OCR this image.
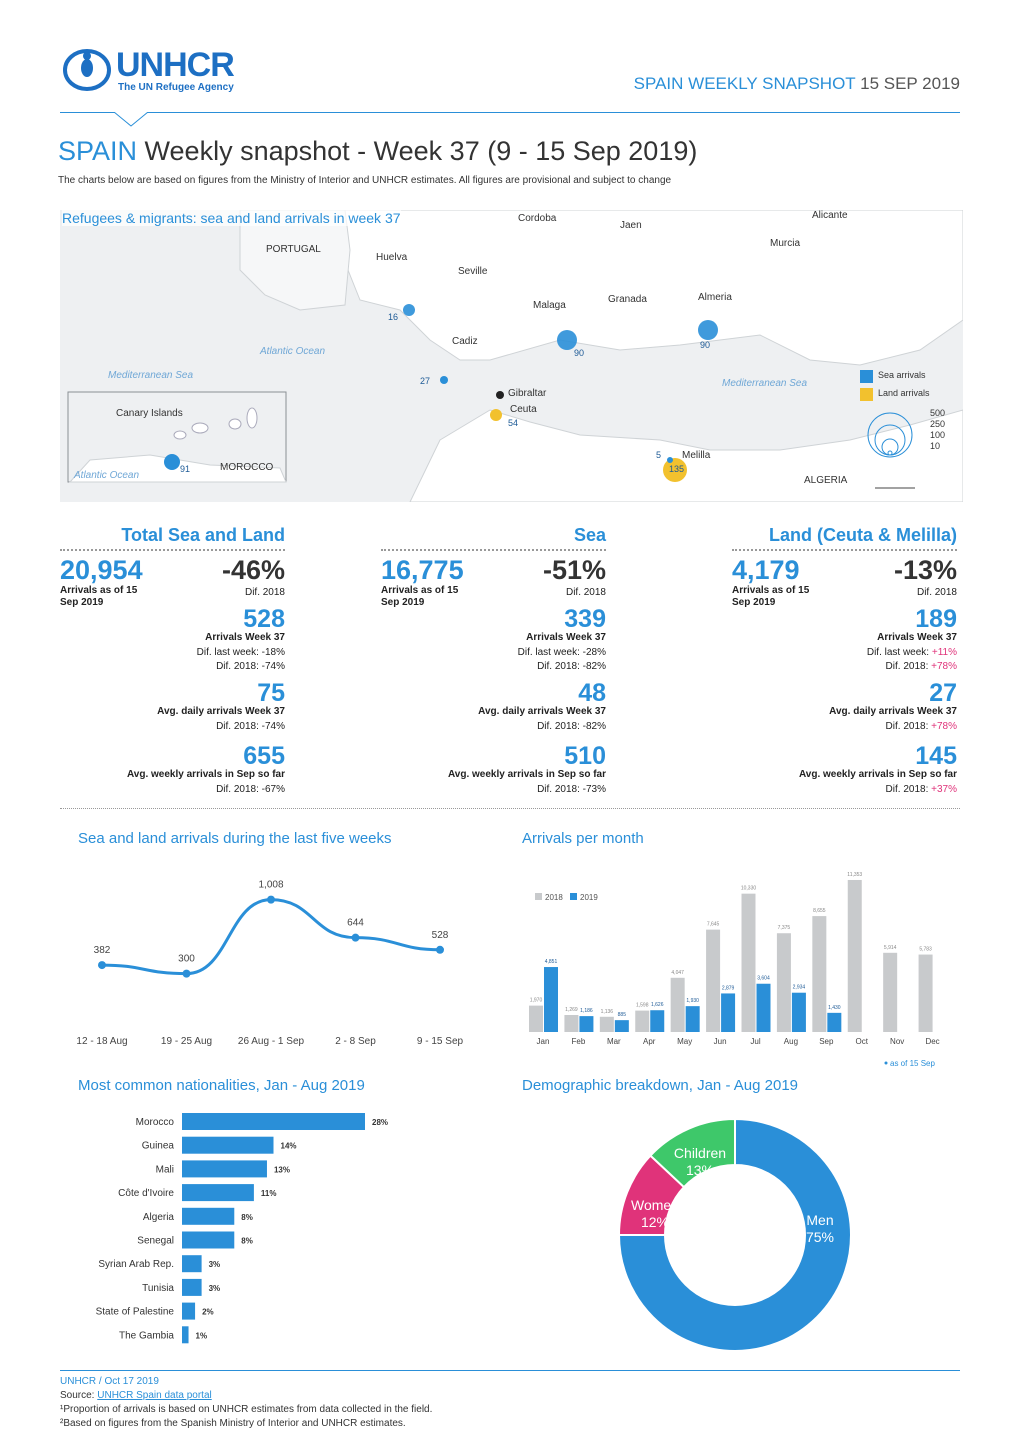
UNHCR
The UN Refugee Agency	SPAIN WEEKLY SNAPSHOT 15 SEP 2019
SPAIN Weekly snapshot - Week 37 (9 - 15 Sep 2019)
The charts below are based on figures from the Ministry of Interior and UNHCR estimates. All figures are provisional and subject to change
Cordoba
Jaen
Alicante
PORTUGAL
Huelva
Seville
Murcia
Malaga
Granada	Almeria
Cadiz
Gibraltar
Ceuta
Canary Islands
MOROCCO
Melilla
ALGERIA
Atlantic Ocean
Mediterranean Sea
Mediterranean Sea
Atlantic Ocean
16
90
90
27
54
5
135
91
Sea arrivals
Land arrivals
500
250
100
10
Refugees & migrants: sea and land arrivals in week 37
Total Sea and Land
20,954
Arrivals as of 15 Sep 2019
-46%
Dif. 2018
528
Arrivals Week 37
Dif. last week: -18%
Dif. 2018: -74%
75
Avg. daily arrivals Week 37
Dif. 2018: -74%
655
Avg. weekly arrivals in Sep so far
Dif. 2018: -67%
Sea
16,775
Arrivals as of 15 Sep 2019
-51%
Dif. 2018
339
Arrivals Week 37
Dif. last week: -28%
Dif. 2018: -82%
48
Avg. daily arrivals Week 37
Dif. 2018: -82%
510
Avg. weekly arrivals in Sep so far
Dif. 2018: -73%
Land (Ceuta & Melilla)
4,179
Arrivals as of 15 Sep 2019
-13%
Dif. 2018
189
Arrivals Week 37
Dif. last week: +11%
Dif. 2018: +78%
27
Avg. daily arrivals Week 37
Dif. 2018: +78%
145
Avg. weekly arrivals in Sep so far
Dif. 2018: +37%
Sea and land arrivals during the last five weeks
382
12 - 18 Aug
300
19 - 25 Aug
1,008
26 Aug - 1 Sep
644
2 - 8 Sep
528
9 - 15 Sep
Arrivals per month
2018 2019
1,970
4,851
Jan
1,269 1,186
Feb
1,136
885
Mar
1,598 1,626
Apr
4,047
1,930
May
7,645
2,879
Jun
10,330
3,604
Jul
7,375
2,934
Aug
8,655
1,430
Sep
11,353
Oct
5,914
Nov
5,783
Dec
as of 15 Sep
Most common nationalities, Jan - Aug 2019
Morocco	28%
Guinea	14%
Mali	13%
Côte d'Ivoire	11%
Algeria	8%
Senegal	8%
Syrian Arab Rep.	3%
Tunisia	3%
State of Palestine	2%
The Gambia	1%
Demographic breakdown, Jan - Aug 2019
Men
75%
Women
12%
Children
13%
UNHCR / Oct 17 2019
Source: UNHCR Spain data portal
¹Proportion of arrivals is based on UNHCR estimates from data collected in the field.
²Based on figures from the Spanish Ministry of Interior and UNHCR estimates.
